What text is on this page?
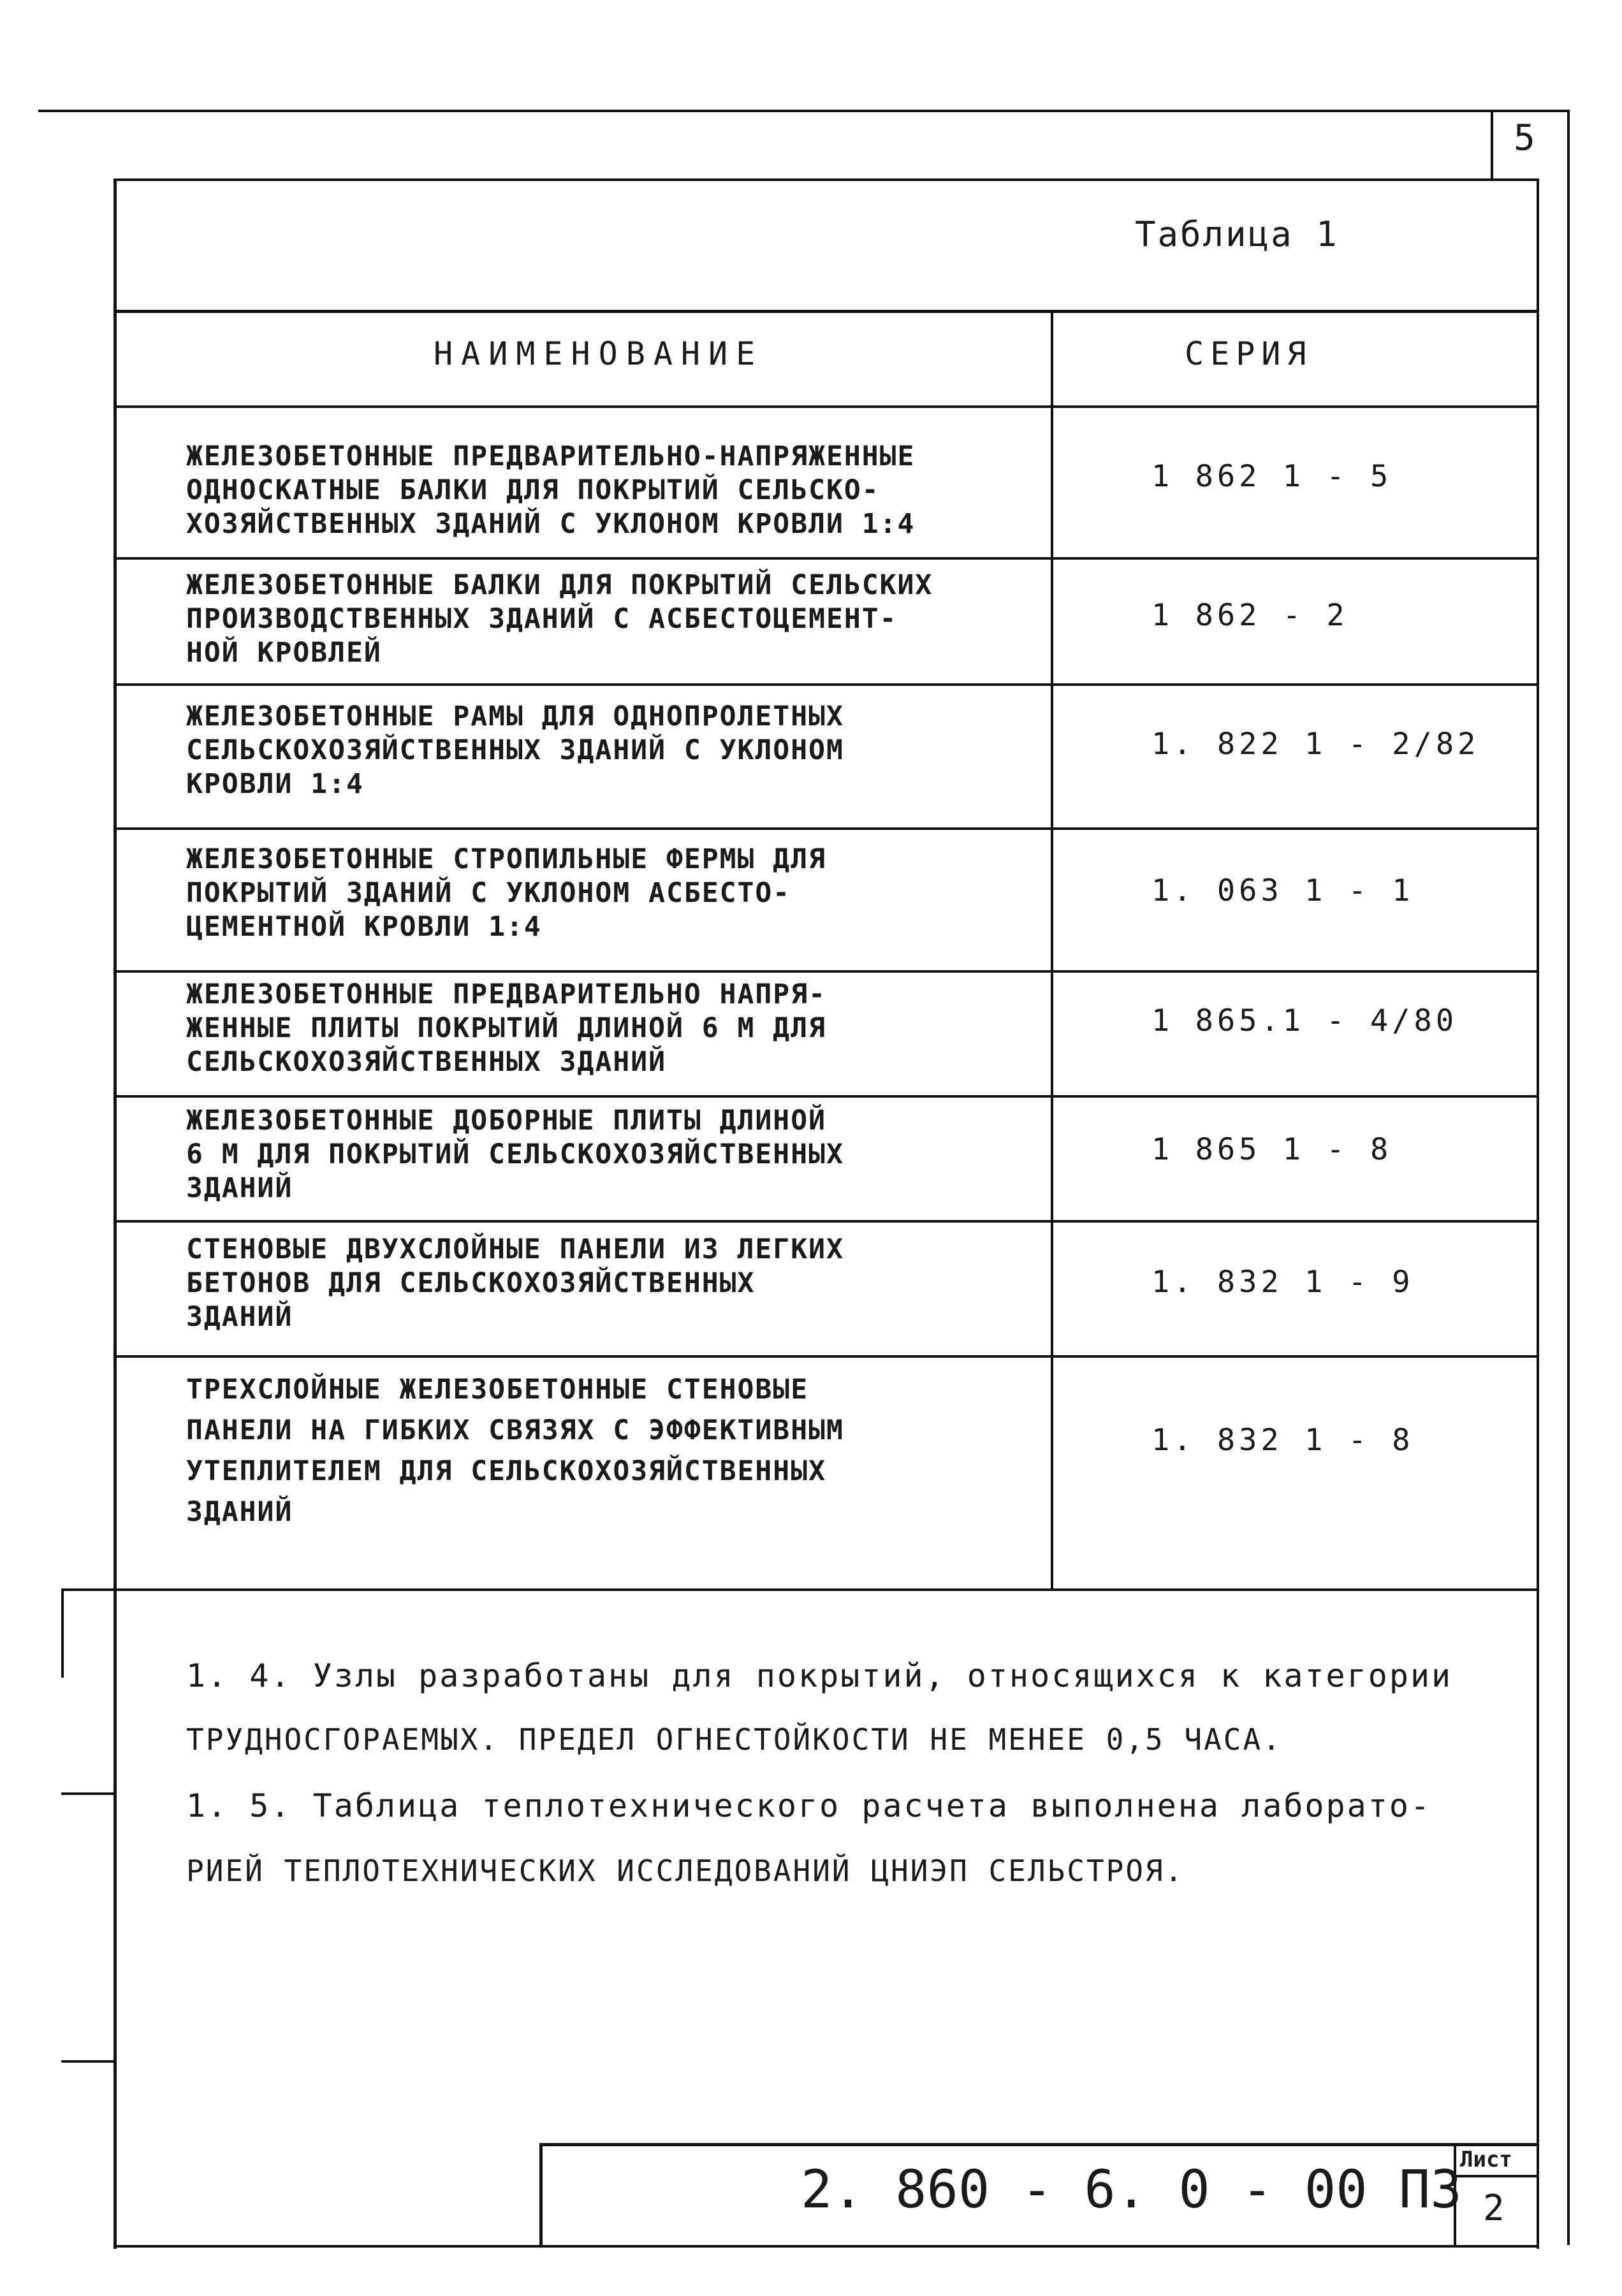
5
Таблица 1
НАИМЕНОВАНИЕ	СЕРИЯ
ЖЕЛЕЗОБЕТОННЫЕ ПРЕДВАРИТЕЛЬНО-НАПРЯЖЕННЫЕ
ОДНОСКАТНЫЕ БАЛКИ ДЛЯ ПОКРЫТИЙ СЕЛЬСКО-
ХОЗЯЙСТВЕННЫХ ЗДАНИЙ С УКЛОНОМ КРОВЛИ 1:4
1 862 1 - 5
ЖЕЛЕЗОБЕТОННЫЕ БАЛКИ ДЛЯ ПОКРЫТИЙ СЕЛЬСКИХ
ПРОИЗВОДСТВЕННЫХ ЗДАНИЙ С АСБЕСТОЦЕМЕНТ-
НОЙ КРОВЛЕЙ
1 862 - 2
ЖЕЛЕЗОБЕТОННЫЕ РАМЫ ДЛЯ ОДНОПРОЛЕТНЫХ
СЕЛЬСКОХОЗЯЙСТВЕННЫХ ЗДАНИЙ С УКЛОНОМ
КРОВЛИ 1:4
1. 822 1 - 2/82
ЖЕЛЕЗОБЕТОННЫЕ СТРОПИЛЬНЫЕ ФЕРМЫ ДЛЯ
ПОКРЫТИЙ ЗДАНИЙ С УКЛОНОМ АСБЕСТО-
ЦЕМЕНТНОЙ КРОВЛИ 1:4
1. 063 1 - 1
ЖЕЛЕЗОБЕТОННЫЕ ПРЕДВАРИТЕЛЬНО НАПРЯ-
ЖЕННЫЕ ПЛИТЫ ПОКРЫТИЙ ДЛИНОЙ 6 М ДЛЯ
СЕЛЬСКОХОЗЯЙСТВЕННЫХ ЗДАНИЙ
1 865.1 - 4/80
ЖЕЛЕЗОБЕТОННЫЕ ДОБОРНЫЕ ПЛИТЫ ДЛИНОЙ
6 М ДЛЯ ПОКРЫТИЙ СЕЛЬСКОХОЗЯЙСТВЕННЫХ
ЗДАНИЙ
1 865 1 - 8
СТЕНОВЫЕ ДВУХСЛОЙНЫЕ ПАНЕЛИ ИЗ ЛЕГКИХ
БЕТОНОВ ДЛЯ СЕЛЬСКОХОЗЯЙСТВЕННЫХ
ЗДАНИЙ
1. 832 1 - 9
ТРЕХСЛОЙНЫЕ ЖЕЛЕЗОБЕТОННЫЕ СТЕНОВЫЕ
ПАНЕЛИ НА ГИБКИХ СВЯЗЯХ С ЭФФЕКТИВНЫМ
УТЕПЛИТЕЛЕМ ДЛЯ СЕЛЬСКОХОЗЯЙСТВЕННЫХ
ЗДАНИЙ
1. 832 1 - 8
1. 4. Узлы разработаны для покрытий, относящихся к категории
ТРУДНОСГОРАЕМЫХ. ПРЕДЕЛ ОГНЕСТОЙКОСТИ НЕ МЕНЕЕ 0,5 ЧАСА.
1. 5. Таблица теплотехнического расчета выполнена лаборато-
РИЕЙ ТЕПЛОТЕХНИЧЕСКИХ ИССЛЕДОВАНИЙ ЦНИЭП СЕЛЬСТРОЯ.
2. 860 - 6. 0 - 00 ПЗ
Лист
2
